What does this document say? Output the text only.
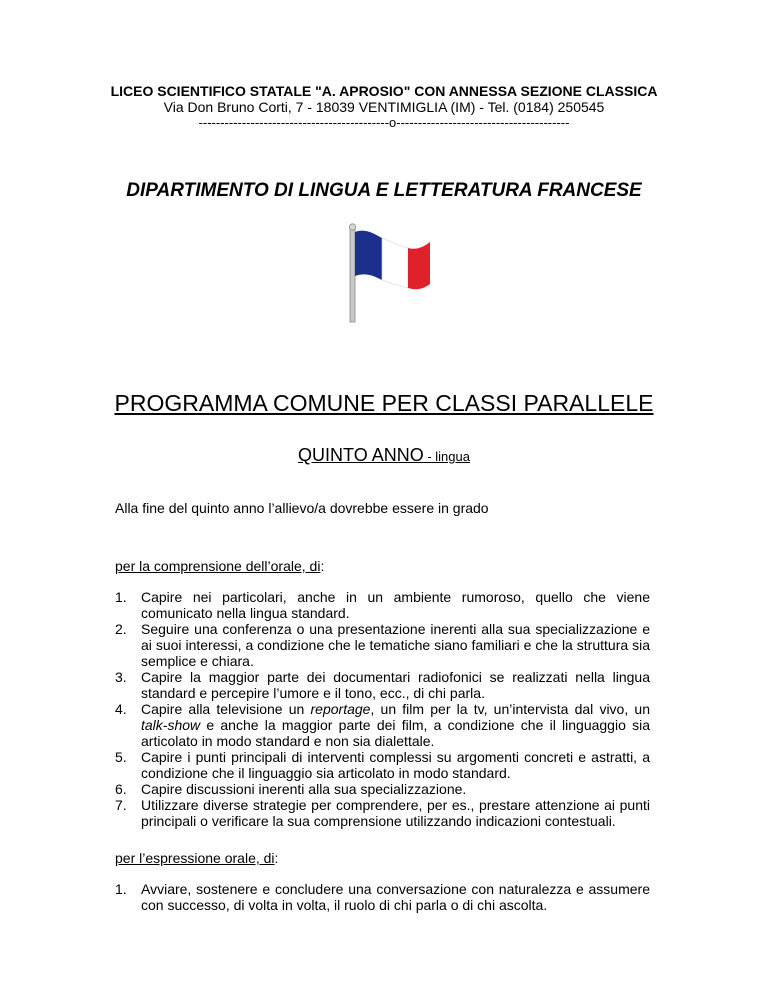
LICEO SCIENTIFICO STATALE "A. APROSIO" CON ANNESSA SEZIONE CLASSICA
Via Don Bruno Corti, 7 - 18039 VENTIMIGLIA (IM) - Tel. (0184) 250545
--------------------------------------------o----------------------------------------
DIPARTIMENTO DI LINGUA E LETTERATURA FRANCESE
PROGRAMMA COMUNE PER CLASSI PARALLELE
QUINTO ANNO - lingua
Alla fine del quinto anno l’allievo/a dovrebbe essere in grado
per la comprensione dell’orale, di:
1. Capire nei particolari, anche in un ambiente rumoroso, quello che viene comunicato nella lingua standard.
2. Seguire una conferenza o una presentazione inerenti alla sua specializzazione e ai suoi interessi, a condizione che le tematiche siano familiari e che la struttura sia semplice e chiara.
3. Capire la maggior parte dei documentari radiofonici se realizzati nella lingua standard e percepire l’umore e il tono, ecc., di chi parla.
4. Capire alla televisione un reportage, un film per la tv, un’intervista dal vivo, un talk-show e anche la maggior parte dei film, a condizione che il linguaggio sia articolato in modo standard e non sia dialettale.
5. Capire i punti principali di interventi complessi su argomenti concreti e astratti, a condizione che il linguaggio sia articolato in modo standard.
6. Capire discussioni inerenti alla sua specializzazione.
7. Utilizzare diverse strategie per comprendere, per es., prestare attenzione ai punti principali o verificare la sua comprensione utilizzando indicazioni contestuali.
per l’espressione orale, di:
1. Avviare, sostenere e concludere una conversazione con naturalezza e assumere con successo, di volta in volta, il ruolo di chi parla o di chi ascolta.
